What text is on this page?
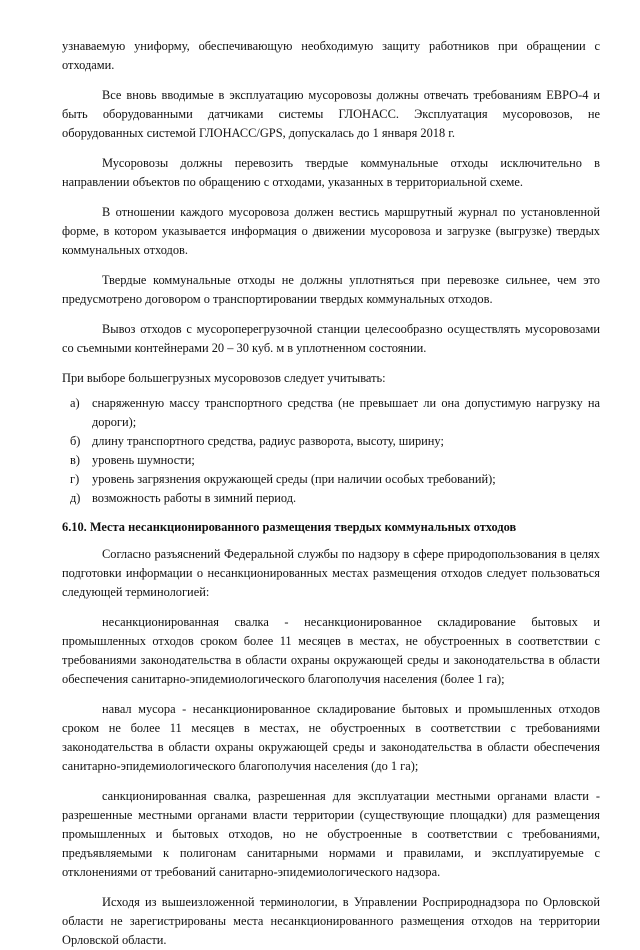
узнаваемую униформу, обеспечивающую необходимую защиту работников при обращении с отходами.

Все вновь вводимые в эксплуатацию мусоровозы должны отвечать требованиям ЕВРО-4 и быть оборудованными датчиками системы ГЛОНАСС. Эксплуатация мусоровозов, не оборудованных системой ГЛОНАСС/GPS, допускалась до 1 января 2018 г.

Мусоровозы должны перевозить твердые коммунальные отходы исключительно в направлении объектов по обращению с отходами, указанных в территориальной схеме.

В отношении каждого мусоровоза должен вестись маршрутный журнал по установленной форме, в котором указывается информация о движении мусоровоза и загрузке (выгрузке) твердых коммунальных отходов.

Твердые коммунальные отходы не должны уплотняться при перевозке сильнее, чем это предусмотрено договором о транспортировании твердых коммунальных отходов.

Вывоз отходов с мусороперегрузочной станции целесообразно осуществлять мусоровозами со съемными контейнерами 20 – 30 куб. м в уплотненном состоянии.

При выборе большегрузных мусоровозов следует учитывать:

а) снаряженную массу транспортного средства (не превышает ли она допустимую нагрузку на дороги);
б) длину транспортного средства, радиус разворота, высоту, ширину;
в) уровень шумности;
г) уровень загрязнения окружающей среды (при наличии особых требований);
д) возможность работы в зимний период.
6.10. Места несанкционированного размещения твердых коммунальных отходов

Согласно разъяснений Федеральной службы по надзору в сфере природопользования в целях подготовки информации о несанкционированных местах размещения отходов следует пользоваться следующей терминологией:

несанкционированная свалка - несанкционированное складирование бытовых и промышленных отходов сроком более 11 месяцев в местах, не обустроенных в соответствии с требованиями законодательства в области охраны окружающей среды и законодательства в области обеспечения санитарно-эпидемиологического благополучия населения (более 1 га);

навал мусора - несанкционированное складирование бытовых и промышленных отходов сроком не более 11 месяцев в местах, не обустроенных в соответствии с требованиями законодательства в области охраны окружающей среды и законодательства в области обеспечения санитарно-эпидемиологического благополучия населения (до 1 га);

санкционированная свалка, разрешенная для эксплуатации местными органами власти - разрешенные местными органами власти территории (существующие площадки) для размещения промышленных и бытовых отходов, но не обустроенные в соответствии с требованиями, предъявляемыми к полигонам санитарными нормами и правилами, и эксплуатируемые с отклонениями от требований санитарно-эпидемиологического надзора.

Исходя из вышеизложенной терминологии, в Управлении Росприроднадзора по Орловской области не зарегистрированы места несанкционированного размещения отходов на территории Орловской области.
